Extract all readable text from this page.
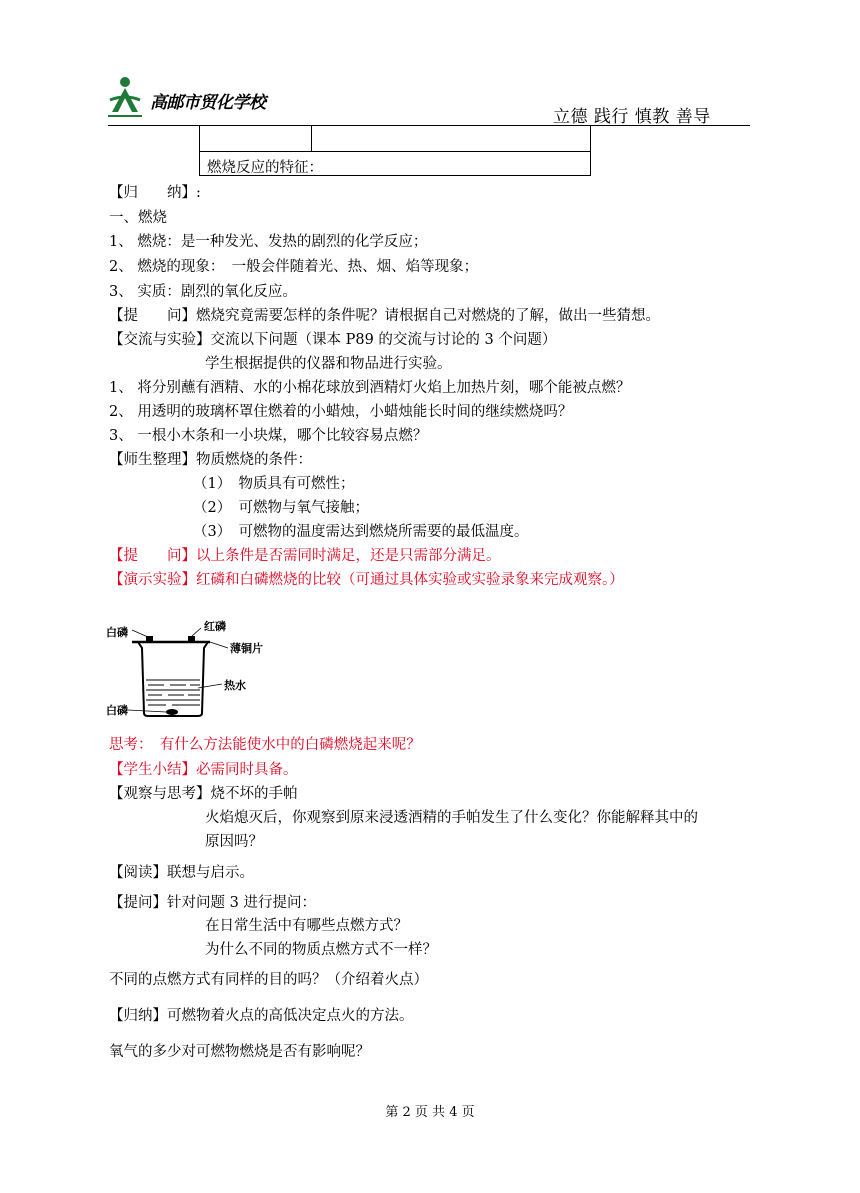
高邮市贸化学校
立德 践行 慎教 善导
燃烧反应的特征：
【归　　纳】:
一、燃烧
1、 燃烧：是一种发光、发热的剧烈的化学反应；
2、 燃烧的现象：　一般会伴随着光、热、烟、焰等现象；
3、 实质：剧烈的氧化反应。
【提　　问】燃烧究竟需要怎样的条件呢？请根据自己对燃烧的了解，做出一些猜想。
【交流与实验】交流以下问题（课本 P89 的交流与讨论的 3 个问题）
学生根据提供的仪器和物品进行实验。
1、 将分别蘸有酒精、水的小棉花球放到酒精灯火焰上加热片刻，哪个能被点燃？
2、 用透明的玻璃杯罩住燃着的小蜡烛，小蜡烛能长时间的继续燃烧吗？
3、 一根小木条和一小块煤，哪个比较容易点燃？
【师生整理】物质燃烧的条件：
（1）　物质具有可燃性；
（2）　可燃物与氧气接触；
（3）　可燃物的温度需达到燃烧所需要的最低温度。
【提　　问】以上条件是否需同时满足，还是只需部分满足。
【演示实验】红磷和白磷燃烧的比较（可通过具体实验或实验录象来完成观察。）
白磷	红磷
薄铜片
热水
白磷
思考：　有什么方法能使水中的白磷燃烧起来呢？
【学生小结】必需同时具备。
【观察与思考】烧不坏的手帕
火焰熄灭后，你观察到原来浸透酒精的手帕发生了什么变化？你能解释其中的
原因吗？
【阅读】联想与启示。
【提问】针对问题 3 进行提问：
在日常生活中有哪些点燃方式？
为什么不同的物质点燃方式不一样？
不同的点燃方式有同样的目的吗？（介绍着火点）
【归纳】可燃物着火点的高低决定点火的方法。
氧气的多少对可燃物燃烧是否有影响呢？
第 2 页 共 4 页
